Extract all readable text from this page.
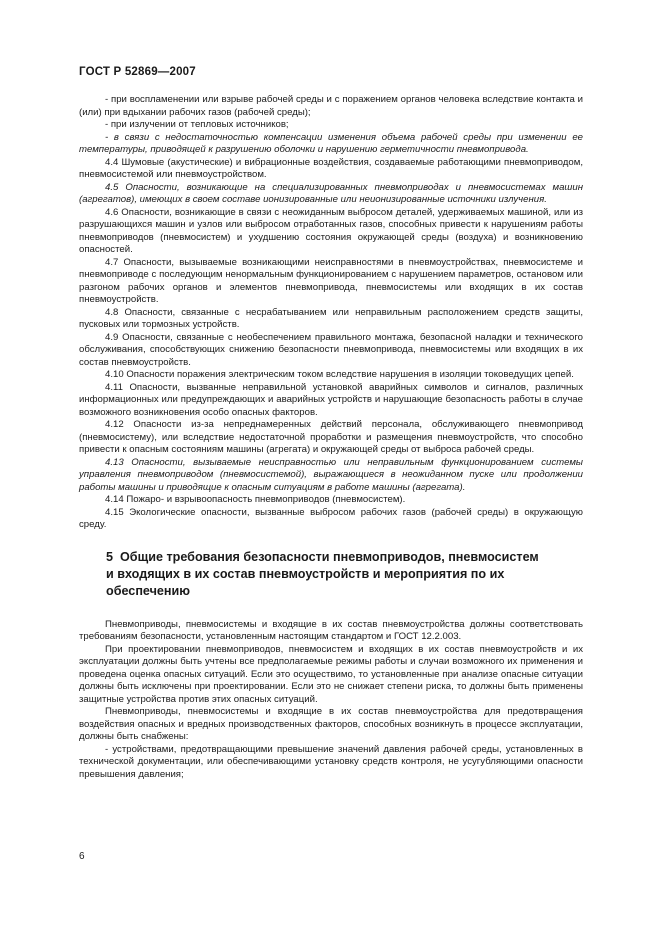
ГОСТ Р 52869—2007

- при воспламенении или взрыве рабочей среды и с поражением органов человека вследствие контакта и (или) при вдыхании рабочих газов (рабочей среды);

- при излучении от тепловых источников;

- в связи с недостаточностью компенсации изменения объема рабочей среды при изменении ее температуры, приводящей к разрушению оболочки и нарушению герметичности пневмопривода.

4.4 Шумовые (акустические) и вибрационные воздействия, создаваемые работающими пневмоприводом, пневмосистемой или пневмоустройством.

4.5 Опасности, возникающие на специализированных пневмоприводах и пневмосистемах машин (агрегатов), имеющих в своем составе ионизированные или неионизированные источники излучения.

4.6 Опасности, возникающие в связи с неожиданным выбросом деталей, удерживаемых машиной, или из разрушающихся машин и узлов или выбросом отработанных газов, способных привести к нарушениям работы пневмоприводов (пневмосистем) и ухудшению состояния окружающей среды (воздуха) и возникновению опасностей.

4.7 Опасности, вызываемые возникающими неисправностями в пневмоустройствах, пневмосистеме и пневмоприводе с последующим ненормальным функционированием с нарушением параметров, остановом или разгоном рабочих органов и элементов пневмопривода, пневмосистемы или входящих в их состав пневмоустройств.

4.8 Опасности, связанные с несрабатыванием или неправильным расположением средств защиты, пусковых или тормозных устройств.

4.9 Опасности, связанные с необеспечением правильного монтажа, безопасной наладки и технического обслуживания, способствующих снижению безопасности пневмопривода, пневмосистемы или входящих в их состав пневмоустройств.

4.10 Опасности поражения электрическим током вследствие нарушения в изоляции токоведущих цепей.

4.11 Опасности, вызванные неправильной установкой аварийных символов и сигналов, различных информационных или предупреждающих и аварийных устройств и нарушающие безопасность работы в случае возможного возникновения особо опасных факторов.

4.12 Опасности из-за непреднамеренных действий персонала, обслуживающего пневмопривод (пневмосистему), или вследствие недостаточной проработки и размещения пневмоустройств, что способно привести к опасным состояниям машины (агрегата) и окружающей среды от выброса рабочей среды.

4.13 Опасности, вызываемые неисправностью или неправильным функционированием системы управления пневмоприводом (пневмосистемой), выражающиеся в неожиданном пуске или продолжении работы машины и приводящие к опасным ситуациям в работе машины (агрегата).

4.14 Пожаро- и взрывоопасность пневмоприводов (пневмосистем).

4.15 Экологические опасности, вызванные выбросом рабочих газов (рабочей среды) в окружающую среду.

5 Общие требования безопасности пневмоприводов, пневмосистем
и входящих в их состав пневмоустройств и мероприятия по их обеспечению

Пневмоприводы, пневмосистемы и входящие в их состав пневмоустройства должны соответствовать требованиям безопасности, установленным настоящим стандартом и ГОСТ 12.2.003.

При проектировании пневмоприводов, пневмосистем и входящих в их состав пневмоустройств и их эксплуатации должны быть учтены все предполагаемые режимы работы и случаи возможного их применения и проведена оценка опасных ситуаций. Если это осуществимо, то установленные при анализе опасные ситуации должны быть исключены при проектировании. Если это не снижает степени риска, то должны быть применены защитные устройства против этих опасных ситуаций.

Пневмоприводы, пневмосистемы и входящие в их состав пневмоустройства для предотвращения воздействия опасных и вредных производственных факторов, способных возникнуть в процессе эксплуатации, должны быть снабжены:

- устройствами, предотвращающими превышение значений давления рабочей среды, установленных в технической документации, или обеспечивающими установку средств контроля, не усугубляющими опасности превышения давления;

6
